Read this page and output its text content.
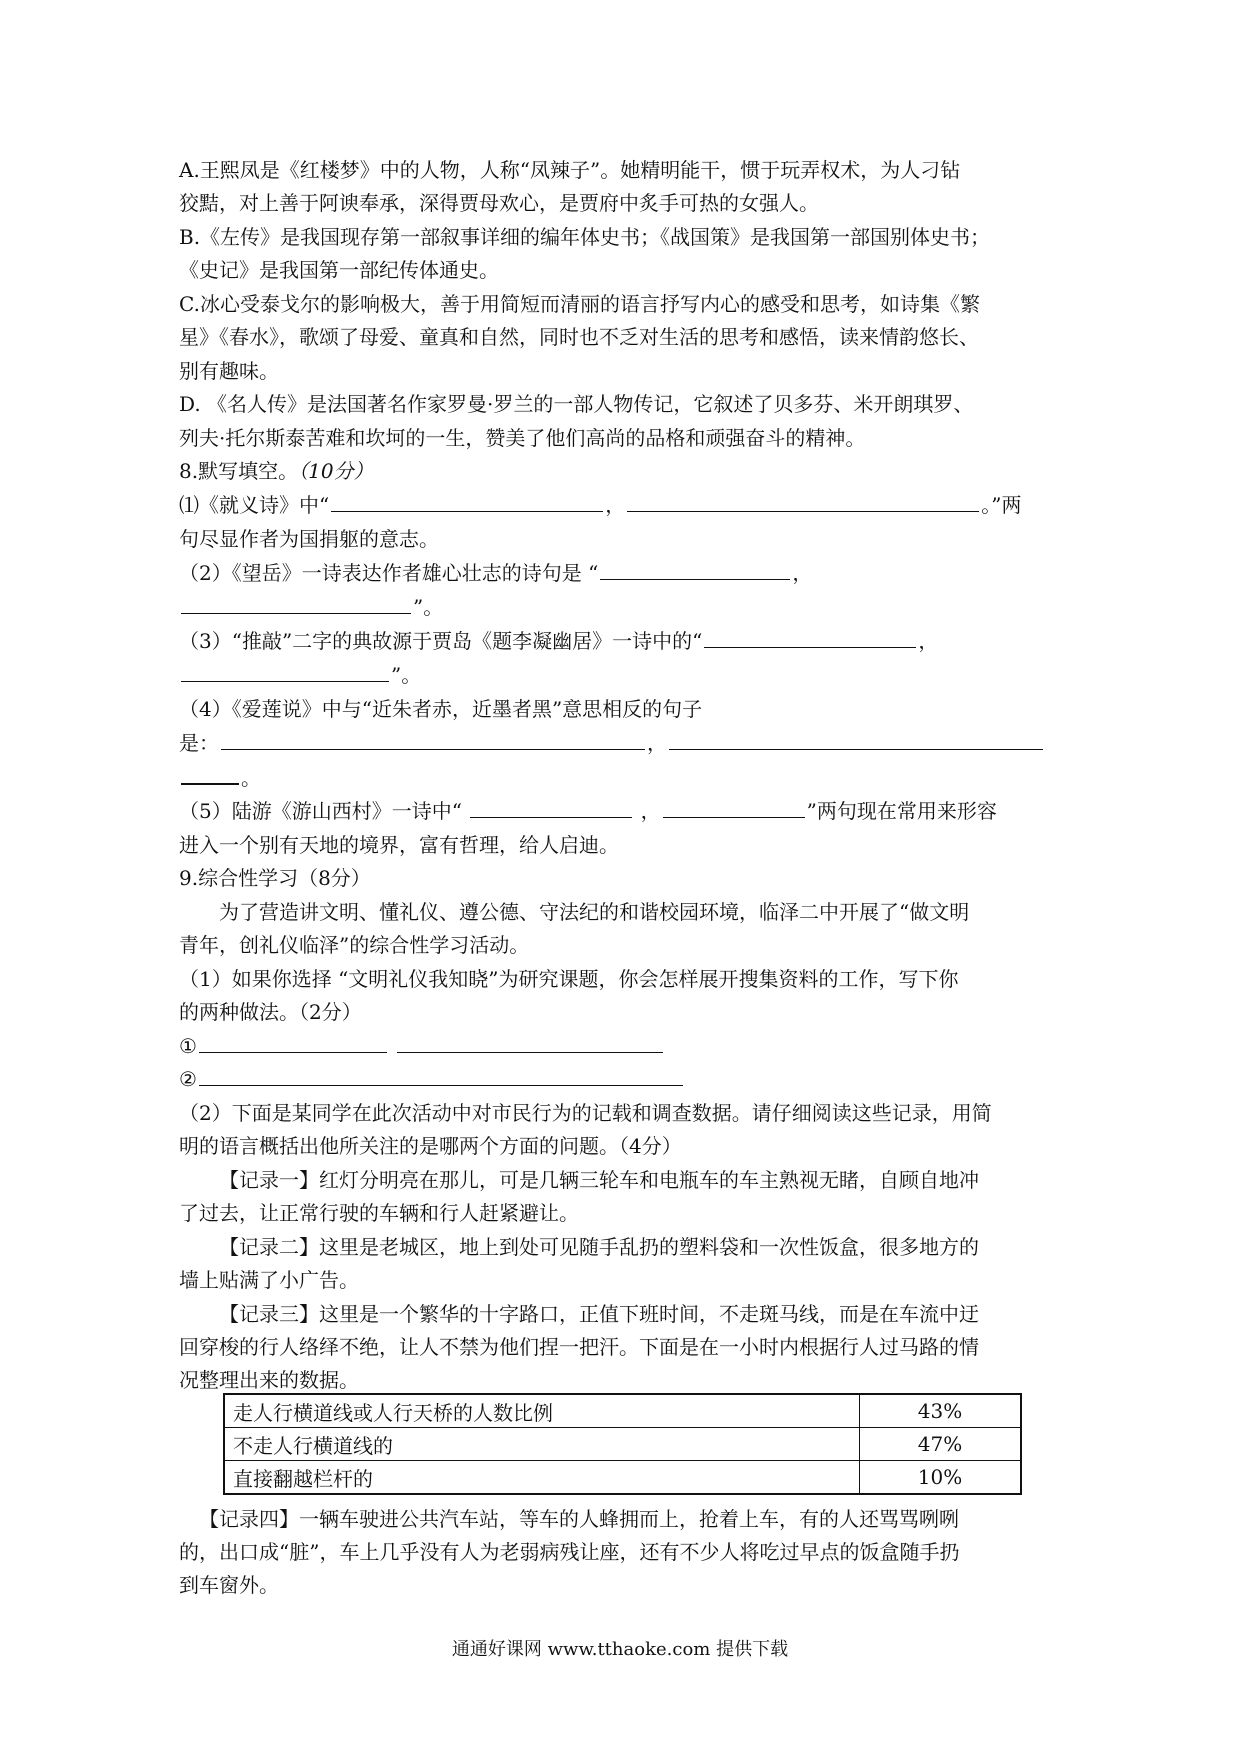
A.王熙凤是《红楼梦》中的人物，人称“凤辣子”。她精明能干，惯于玩弄权术，为人刁钻
狡黠，对上善于阿谀奉承，深得贾母欢心，是贾府中炙手可热的女强人。
B.《左传》是我国现存第一部叙事详细的编年体史书；《战国策》是我国第一部国别体史书；
《史记》是我国第一部纪传体通史。
C.冰心受泰戈尔的影响极大，善于用简短而清丽的语言抒写内心的感受和思考，如诗集《繁
星》《春水》，歌颂了母爱、童真和自然，同时也不乏对生活的思考和感悟，读来情韵悠长、
别有趣味。
D. 《名人传》是法国著名作家罗曼·罗兰的一部人物传记，它叙述了贝多芬、米开朗琪罗、
列夫·托尔斯泰苦难和坎坷的一生，赞美了他们高尚的品格和顽强奋斗的精神。
8.默写填空。（10分）
⑴《就义诗》中“	，	。”两
句尽显作者为国捐躯的意志。
（2）《望岳》一诗表达作者雄心壮志的诗句是 “	，
”。
（3）“推敲”二字的典故源于贾岛《题李凝幽居》一诗中的“	，
”。
（4）《爱莲说》中与“近朱者赤，近墨者黑”意思相反的句子
是：	，
。
（5）陆游《游山西村》一诗中“	，	”两句现在常用来形容
进入一个别有天地的境界，富有哲理，给人启迪。
9.综合性学习（8分）
为了营造讲文明、懂礼仪、遵公德、守法纪的和谐校园环境，临泽二中开展了“做文明
青年，创礼仪临泽”的综合性学习活动。
（1）如果你选择 “文明礼仪我知晓”为研究课题，你会怎样展开搜集资料的工作，写下你
的两种做法。（2分）
①
②
（2）下面是某同学在此次活动中对市民行为的记载和调查数据。请仔细阅读这些记录，用简
明的语言概括出他所关注的是哪两个方面的问题。（4分）
【记录一】红灯分明亮在那儿，可是几辆三轮车和电瓶车的车主熟视无睹，自顾自地冲
了过去，让正常行驶的车辆和行人赶紧避让。
【记录二】这里是老城区，地上到处可见随手乱扔的塑料袋和一次性饭盒，很多地方的
墙上贴满了小广告。
【记录三】这里是一个繁华的十字路口，正值下班时间，不走斑马线，而是在车流中迂
回穿梭的行人络绎不绝，让人不禁为他们捏一把汗。下面是在一小时内根据行人过马路的情
况整理出来的数据。
走人行横道线或人行天桥的人数比例	43%
不走人行横道线的	47%
直接翻越栏杆的	10%
【记录四】一辆车驶进公共汽车站，等车的人蜂拥而上，抢着上车，有的人还骂骂咧咧
的，出口成“脏”，车上几乎没有人为老弱病残让座，还有不少人将吃过早点的饭盒随手扔
到车窗外。
通通好课网 www.tthaoke.com 提供下载
